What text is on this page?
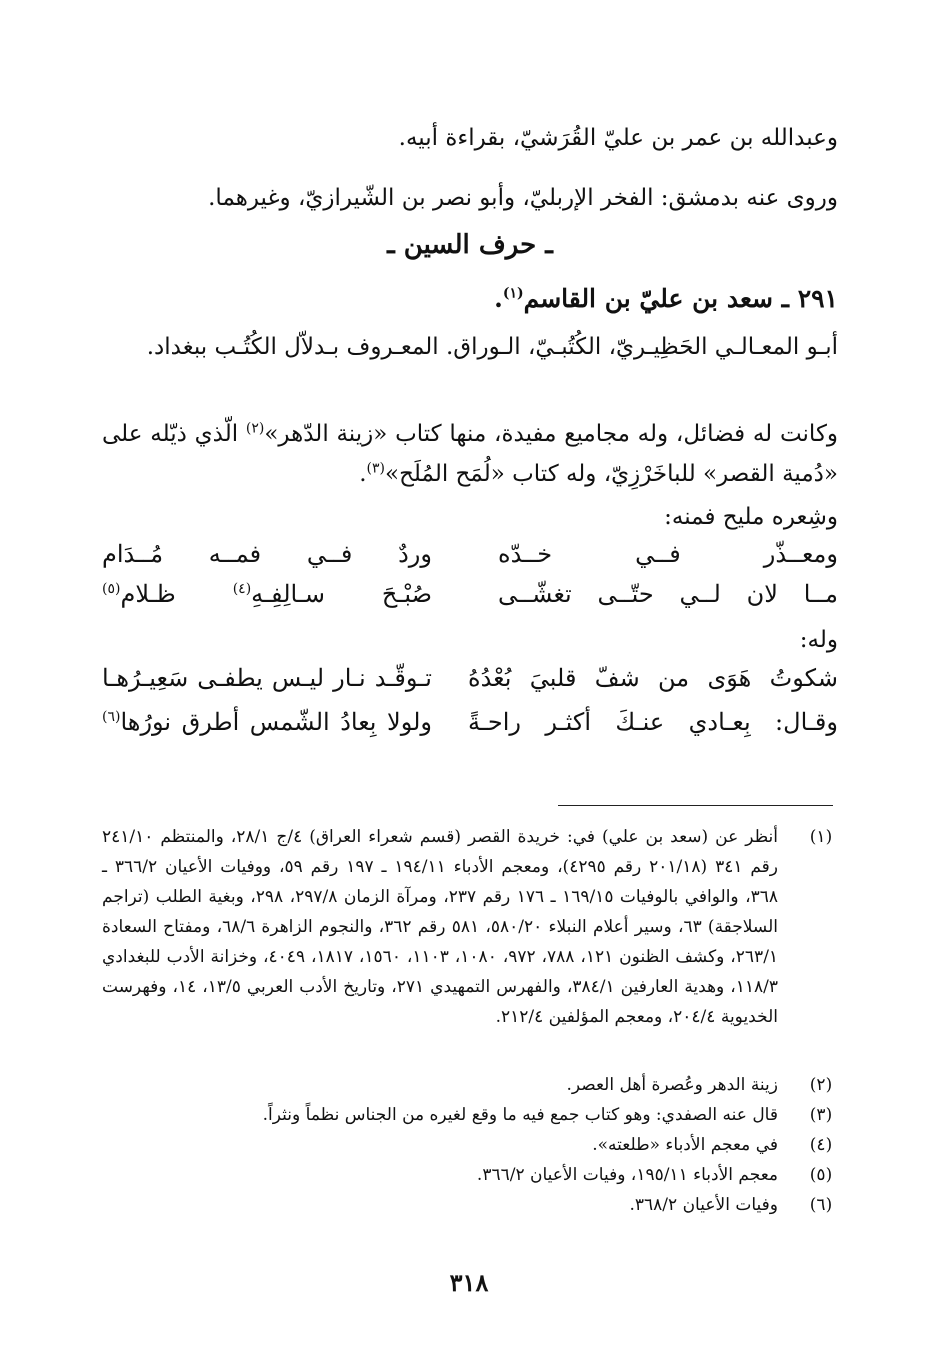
وعبدالله بن عمر بن عليّ القُرَشيّ، بقراءة أبيه.

وروى عنه بدمشق: الفخر الإربليّ، وأبو نصر بن الشّيرازيّ، وغيرهما.

ـ حرف السين ـ

٢٩١ ـ سعد بن عليّ بن القاسم$^{(١)}$.

أبـو المعـالـي الحَظِيـريّ، الكُتُبـيّ، الـوراق. المعـروف بـدلاّل الكُتُـب ببغداد.

وكانت له فضائل، وله مجاميع مفيدة، منها كتاب «زينة الدّهر»$^{(٢)}$ الّذي ذيّله على «دُمية القصر» للباخَرْزِيّ، وله كتاب «لُمَح المُلَح»$^{(٣)}$.

وشِعره مليح فمنه:

ومعــذّر فــي خــدّه
وردٌ فــي فمــه مُــدَام
مــا لان لــي حتّــى تغشّــى
صُبْـحَ سـالِفِـهِ$^{(٤)}$ ظـلام$^{(٥)}$

وله:

شكوتُ هَوَى من شفّ قلبيَ بُعْدُهُ
تـوقّـد نـار ليـس يطفـى سَعِيـرُهـا
وقـال: بِعـادي عنـكَ أكثـر راحـةً
ولولا بِعادُ الشّمس أطرق نورُها$^{(٦)}$
(١)
أنظر عن (سعد بن علي) في: خريدة القصر (قسم شعراء العراق) ٤/ج ٢٨/١، والمنتظم ٢٤١/١٠ رقم ٣٤١ (٢٠١/١٨ رقم ٤٢٩٥)، ومعجم الأدباء ١٩٤/١١ ـ ١٩٧ رقم ٥٩، ووفيات الأعيان ٣٦٦/٢ ـ ٣٦٨، والوافي بالوفيات ١٦٩/١٥ ـ ١٧٦ رقم ٢٣٧، ومرآة الزمان ٢٩٧/٨، ٢٩٨، وبغية الطلب (تراجم السلاجقة) ٦٣، وسير أعلام النبلاء ٥٨٠/٢٠، ٥٨١ رقم ٣٦٢، والنجوم الزاهرة ٦٨/٦، ومفتاح السعادة ٢٦٣/١، وكشف الظنون ١٢١، ٧٨٨، ٩٧٢، ١٠٨٠، ١١٠٣، ١٥٦٠، ١٨١٧، ٤٠٤٩، وخزانة الأدب للبغدادي ١١٨/٣، وهدية العارفين ٣٨٤/١، والفهرس التمهيدي ٢٧١، وتاريخ الأدب العربي ١٣/٥، ١٤، وفهرست الخديوية ٢٠٤/٤، ومعجم المؤلفين ٢١٢/٤.
(٢)
زينة الدهر وعُصرة أهل العصر.
(٣)
قال عنه الصفدي: وهو كتاب جمع فيه ما وقع لغيره من الجناس نظماً ونثراً.
(٤)
في معجم الأدباء «طلعته».
(٥)
معجم الأدباء ١٩٥/١١، وفيات الأعيان ٣٦٦/٢.
(٦)
وفيات الأعيان ٣٦٨/٢.
٣١٨
